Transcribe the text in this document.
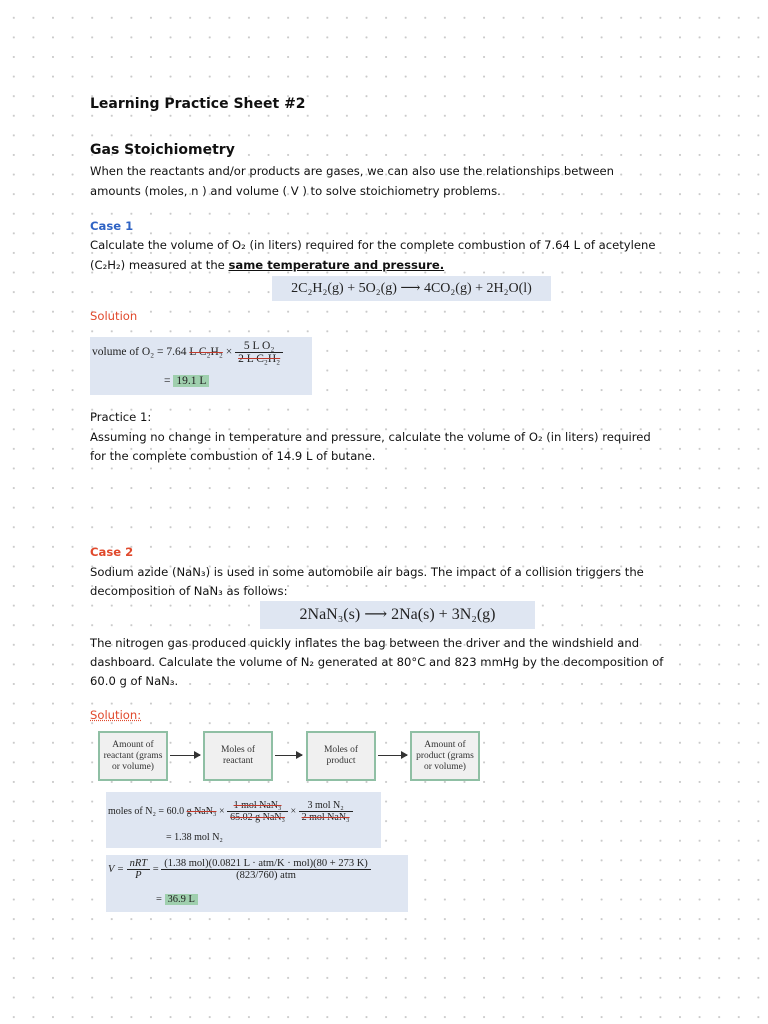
Learning Practice Sheet #2
Gas Stoichiometry
When the reactants and/or products are gases, we can also use the relationships between
amounts (moles, n ) and volume ( V ) to solve stoichiometry problems.
Case 1
Calculate the volume of O₂ (in liters) required for the complete combustion of 7.64 L of acetylene
(C₂H₂) measured at the same temperature and pressure.
2C₂H₂(g) + 5O₂(g) ⟶ 4CO₂(g) + 2H₂O(l)
Solution
volume of O₂ = 7.64 L $C_2H_2 \times \frac{\text{5 L O₂}}{\text{2 L C₂H₂}}$
= 19.1 L
Practice 1:
Assuming no change in temperature and pressure, calculate the volume of O₂ (in liters) required
for the complete combustion of 14.9 L of butane.
Case 2
Sodium azide (NaN₃) is used in some automobile air bags. The impact of a collision triggers the
decomposition of NaN₃ as follows:
2NaN₃(s) ⟶ 2Na(s) + 3N₂(g)
The nitrogen gas produced quickly inflates the bag between the driver and the windshield and
dashboard. Calculate the volume of N₂ generated at 80°C and 823 mmHg by the decomposition of
60.0 g of NaN₃.
Solution:
Amount of
reactant (grams
or volume)
Moles of
reactant
Moles of
product
Amount of
product (grams
or volume)
moles of N₂ = 60.0 g $NaN_3 \times \frac{\text{1 mol NaN₃}}{\text{65.02 g NaN₃}} \times \frac{\text{3 mol N₂}}{\text{2 mol NaN₃}}$
= 1.38 mol N₂
$V = \frac{\text{nRT}}{P} = \frac{\text{(1.38 mol)(0.0821 L · atm/K · mol)(80 + 273 K)}}{\text{(823/760) atm}}$
= 36.9 L
